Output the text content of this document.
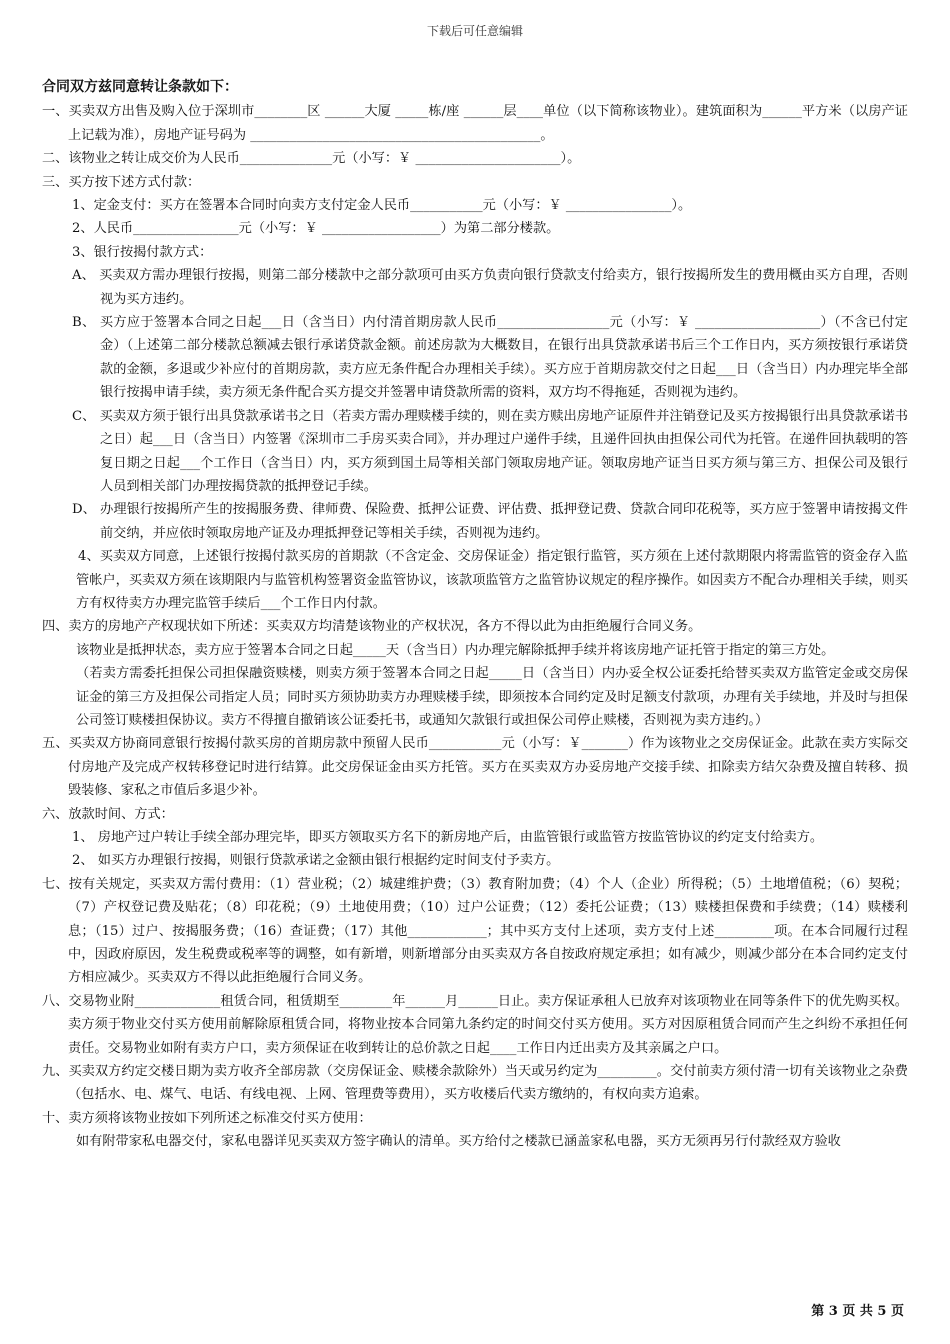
下载后可任意编辑
合同双方兹同意转让条款如下：

一、买卖双方出售及购入位于深圳市________区 ______大厦 _____栋/座 ______层____单位（以下简称该物业）。建筑面积为______平方米（以房产证上记载为准），房地产证号码为 ____________________________________________。

二、该物业之转让成交价为人民币______________元（小写：￥ ______________________）。

三、买方按下述方式付款：

1、定金支付：买方在签署本合同时向卖方支付定金人民币___________元（小写：￥ ________________）。

2、人民币________________元（小写：￥ __________________）为第二部分楼款。

3、银行按揭付款方式：

A、 买卖双方需办理银行按揭，则第二部分楼款中之部分款项可由买方负责向银行贷款支付给卖方，银行按揭所发生的费用概由买方自理，否则视为买方违约。

B、 买方应于签署本合同之日起___日（含当日）内付清首期房款人民币_________________元（小写：￥ ___________________）（不含已付定金）（上述第二部分楼款总额减去银行承诺贷款金额。前述房款为大概数目，在银行出具贷款承诺书后三个工作日内，买方须按银行承诺贷款的金额，多退或少补应付的首期房款，卖方应无条件配合办理相关手续）。买方应于首期房款交付之日起___日（含当日）内办理完毕全部银行按揭申请手续，卖方须无条件配合买方提交并签署申请贷款所需的资料，双方均不得拖延，否则视为违约。

C、 买卖双方须于银行出具贷款承诺书之日（若卖方需办理赎楼手续的，则在卖方赎出房地产证原件并注销登记及买方按揭银行出具贷款承诺书之日）起___日（含当日）内签署《深圳市二手房买卖合同》，并办理过户递件手续，且递件回执由担保公司代为托管。在递件回执载明的答复日期之日起___个工作日（含当日）内，买方须到国土局等相关部门领取房地产证。领取房地产证当日买方须与第三方、担保公司及银行人员到相关部门办理按揭贷款的抵押登记手续。

D、 办理银行按揭所产生的按揭服务费、律师费、保险费、抵押公证费、评估费、抵押登记费、贷款合同印花税等，买方应于签署申请按揭文件前交纳，并应依时领取房地产证及办理抵押登记等相关手续，否则视为违约。

4、买卖双方同意，上述银行按揭付款买房的首期款（不含定金、交房保证金）指定银行监管，买方须在上述付款期限内将需监管的资金存入监管帐户，买卖双方须在该期限内与监管机构签署资金监管协议，该款项监管方之监管协议规定的程序操作。如因卖方不配合办理相关手续，则买方有权待卖方办理完监管手续后___个工作日内付款。

四、卖方的房地产产权现状如下所述：买卖双方均清楚该物业的产权状况，各方不得以此为由拒绝履行合同义务。

该物业是抵押状态，卖方应于签署本合同之日起_____天（含当日）内办理完解除抵押手续并将该房地产证托管于指定的第三方处。

（若卖方需委托担保公司担保融资赎楼，则卖方须于签署本合同之日起_____日（含当日）内办妥全权公证委托给替买卖双方监管定金或交房保证金的第三方及担保公司指定人员；同时买方须协助卖方办理赎楼手续，即须按本合同约定及时足额支付款项，办理有关手续地，并及时与担保公司签订赎楼担保协议。卖方不得擅自撤销该公证委托书，或通知欠款银行或担保公司停止赎楼，否则视为卖方违约。）

五、买卖双方协商同意银行按揭付款买房的首期房款中预留人民币___________元（小写：￥_______）作为该物业之交房保证金。此款在卖方实际交付房地产及完成产权转移登记时进行结算。此交房保证金由买方托管。买方在买卖双方办妥房地产交接手续、扣除卖方结欠杂费及擅自转移、损毁装修、家私之市值后多退少补。

六、放款时间、方式：

1、 房地产过户转让手续全部办理完毕，即买方领取买方名下的新房地产后，由监管银行或监管方按监管协议的约定支付给卖方。

2、 如买方办理银行按揭，则银行贷款承诺之金额由银行根据约定时间支付予卖方。

七、按有关规定，买卖双方需付费用：（1）营业税；（2）城建维护费；（3）教育附加费；（4）个人（企业）所得税；（5）土地增值税；（6）契税；（7）产权登记费及贴花；（8）印花税；（9）土地使用费；（10）过户公证费；（12）委托公证费；（13）赎楼担保费和手续费；（14）赎楼利息；（15）过户、按揭服务费；（16）查证费；（17）其他____________；其中买方支付上述项，卖方支付上述_________项。在本合同履行过程中，因政府原因，发生税费或税率等的调整，如有新增，则新增部分由买卖双方各自按政府规定承担；如有减少，则减少部分在本合同约定支付方相应减少。买卖双方不得以此拒绝履行合同义务。

八、交易物业附_____________租赁合同，租赁期至________年______月______日止。卖方保证承租人已放弃对该项物业在同等条件下的优先购买权。卖方须于物业交付买方使用前解除原租赁合同，将物业按本合同第九条约定的时间交付买方使用。买方对因原租赁合同而产生之纠纷不承担任何责任。交易物业如附有卖方户口，卖方须保证在收到转让的总价款之日起____工作日内迁出卖方及其亲属之户口。

九、买卖双方约定交楼日期为卖方收齐全部房款（交房保证金、赎楼余款除外）当天或另约定为_________。交付前卖方须付清一切有关该物业之杂费（包括水、电、煤气、电话、有线电视、上网、管理费等费用），买方收楼后代卖方缴纳的，有权向卖方追索。

十、卖方须将该物业按如下列所述之标准交付买方使用：

如有附带家私电器交付，家私电器详见买卖双方签字确认的清单。买方给付之楼款已涵盖家私电器，买方无须再另行付款经双方验收

第 3 页 共 5 页
